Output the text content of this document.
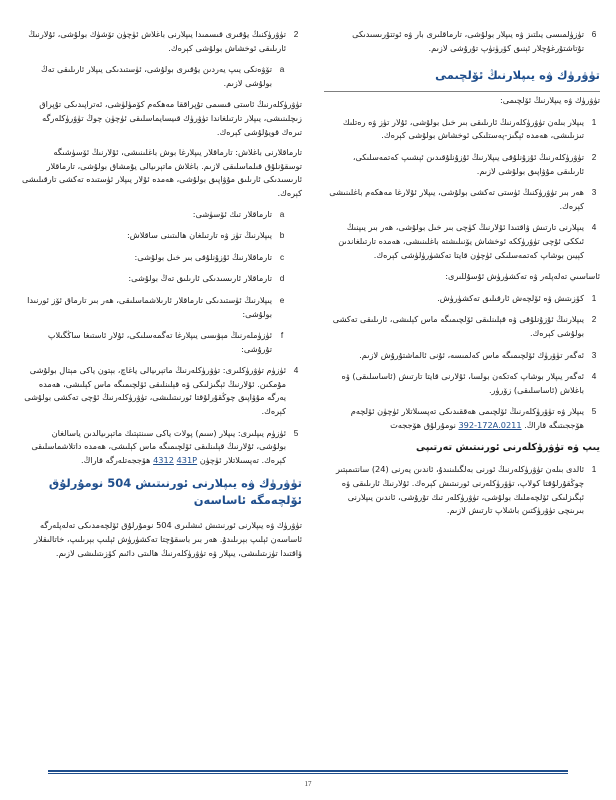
6
تۈزۈلمىسى يىلتىز ۋە يىپلار بولۇشى، تارماقلىرى بار ۋە ئوتتۇرىسىدىكى تۇتاشتۇرغۇچلار ئېنىق كۆرۈنۈپ تۇرۇشى لازىم.
تۈۋرۈك ۋە يىپلارنىڭ ئۆلچىمى
تۈۋرۈك ۋە يىپلارنىڭ ئۆلچىمى:
1
يىپلار بىلەن تۈۋرۈكلەرنىڭ ئارىلىقى بىر خىل بولۇشى، ئۇلار تۈز ۋە رەتلىك تىزىلىشى، ھەمدە ئېگىز-پەستلىكى ئوخشاش بولۇشى كېرەك.
2
تۈۋرۈكلەرنىڭ ئۇزۇنلۇقى يىپلارنىڭ ئۇزۇنلۇقىدىن ئېشىپ كەتمەسلىكى، ئارىلىقى مۇۋاپىق بولۇشى لازىم.
3
ھەر بىر تۈۋرۈكنىڭ ئۈستى تەكشى بولۇشى، يىپلار ئۇلارغا مەھكەم باغلىنىشى كېرەك.
4
يىپلارنى تارتىش ۋاقتىدا ئۇلارنىڭ كۈچى بىر خىل بولۇشى، ھەر بىر يىپنىڭ ئىككى ئۇچى تۈۋرۈككە ئوخشاش يۆنىلىشتە باغلىنىشى، ھەمدە تارتىلغاندىن كېيىن بوشاپ كەتمەسلىكى ئۈچۈن قايتا تەكشۈرۈلۈشى كېرەك.
ئاساسىي تەلەپلەر ۋە تەكشۈرۈش ئۇسۇللىرى:
1
كۆزىتىش ۋە ئۆلچەش ئارقىلىق تەكشۈرۈش.
2
يىپلارنىڭ ئۇزۇنلۇقى ۋە قېلىنلىقى ئۆلچىمىگە ماس كېلىشى، ئارىلىقى تەكشى بولۇشى كېرەك.
3
ئەگەر تۈۋرۈك ئۆلچىمىگە ماس كەلمىسە، ئۇنى ئالماشتۇرۇش لازىم.
4
ئەگەر يىپلار بوشاپ كەتكەن بولسا، ئۇلارنى قايتا تارتىش (ئاساسلىقى) ۋە باغلاش (ئاساسلىقى) زۆرۈر.
5
يىپلار ۋە تۈۋرۈكلەرنىڭ ئۆلچىمى ھەققىدىكى تەپسىلاتلار ئۈچۈن ئۆلچەم ھۆججىتىگە قاراڭ. 392-172A.0211 نومۇرلۇق ھۆججەت
يىپ ۋە تۈۋرۈكلەرنى ئورنىتىش تەرتىپى
1
ئالدى بىلەن تۈۋرۈكلەرنىڭ ئورنى بەلگىلىنىدۇ، ئاندىن يەرنى (24) سانتىمېتىر چوڭقۇرلۇقتا كولاپ، تۈۋرۈكلەرنى ئورنىتىش كېرەك. ئۇلارنىڭ ئارىلىقى ۋە ئېگىزلىكى ئۆلچەملىك بولۇشى، تۈۋرۈكلەر تىك تۇرۇشى، ئاندىن يىپلارنى بىرىنچى تۈۋرۈكتىن باشلاپ تارتىش لازىم.
2
تۈۋرۈكنىڭ يۇقىرى قىسمىدا يىپلارنى باغلاش ئۈچۈن تۆشۈك بولۇشى، ئۇلارنىڭ ئارىلىقى ئوخشاش بولۇشى كېرەك.
a
تۆۋەنكى يىپ يەردىن يۇقىرى بولۇشى، ئۈستىدىكى يىپلار ئارىلىقى تەڭ بولۇشى لازىم.
تۈۋرۈكلەرنىڭ ئاستى قىسمى تۇپراققا مەھكەم كۆمۈلۈشى، ئەتراپىدىكى تۇپراق زىچلىنىشى، يىپلار تارتىلغاندا تۈۋرۈك قىيسايماسلىقى ئۈچۈن چوڭ تۈۋرۈكلەرگە تىرەك قويۇلۇشى كېرەك.
تارماقلارنى باغلاش: تارماقلار يىپلارغا بوش باغلىنىشى، ئۇلارنىڭ ئۆسۈشىگە توسقۇنلۇق قىلماسلىقى لازىم. باغلاش ماتېرىيالى يۇمشاق بولۇشى، تارماقلار ئارىسىدىكى ئارىلىق مۇۋاپىق بولۇشى، ھەمدە ئۇلار يىپلار ئۈستىدە تەكشى تارقىلىشى كېرەك.
a
تارماقلار تىك ئۆسۈشى:
b
يىپلارنىڭ تۈز ۋە تارتىلغان ھالىتىنى ساقلاش:
c
تارماقلارنىڭ ئۇزۇنلۇقى بىر خىل بولۇشى:
d
تارماقلار ئارىسىدىكى ئارىلىق تەڭ بولۇشى:
e
يىپلارنىڭ ئۈستىدىكى تارماقلار ئارىلاشماسلىقى، ھەر بىر تارماق ئۆز ئورنىدا بولۇشى:
f
ئۈزۈملەرنىڭ مېۋىسى يىپلارغا تەگمەسلىكى، ئۇلار ئاستىغا ساڭگىلاپ تۇرۇشى:
4
ئۈزۈم تۈۋرۈكلىرى: تۈۋرۈكلەرنىڭ ماتېرىيالى ياغاچ، بېتون ياكى مېتال بولۇشى مۇمكىن. ئۇلارنىڭ ئېگىزلىكى ۋە قېلىنلىقى ئۆلچىمىگە ماس كېلىشى، ھەمدە يەرگە مۇۋاپىق چوڭقۇرلۇقتا ئورنىتىلىشى، تۈۋرۈكلەرنىڭ ئۇچى تەكشى بولۇشى كېرەك.
5
ئۈزۈم يىپلىرى: يىپلار (سىم) پولات ياكى سىنتېتىك ماتېرىيالدىن ياسالغان بولۇشى، ئۇلارنىڭ قېلىنلىقى ئۆلچىمىگە ماس كېلىشى، ھەمدە داتلاشماسلىقى كېرەك. تەپسىلاتلار ئۈچۈن 4312 431P ھۆججەتلەرگە قاراڭ.
تۈۋرۈك ۋە يىپلارنى ئورنىتىش 504 نومۇرلۇق ئۆلچەمگە ئاساسەن
تۈۋرۈك ۋە يىپلارنى ئورنىتىش ئىشلىرى 504 نومۇرلۇق ئۆلچەمدىكى تەلەپلەرگە ئاساسەن ئېلىپ بېرىلىدۇ. ھەر بىر باسقۇچتا تەكشۈرۈش ئېلىپ بېرىلىپ، خاتالىقلار ۋاقتىدا تۈزىتىلىشى، يىپلار ۋە تۈۋرۈكلەرنىڭ ھالىتى دائىم كۆزىتىلىشى لازىم.
17
